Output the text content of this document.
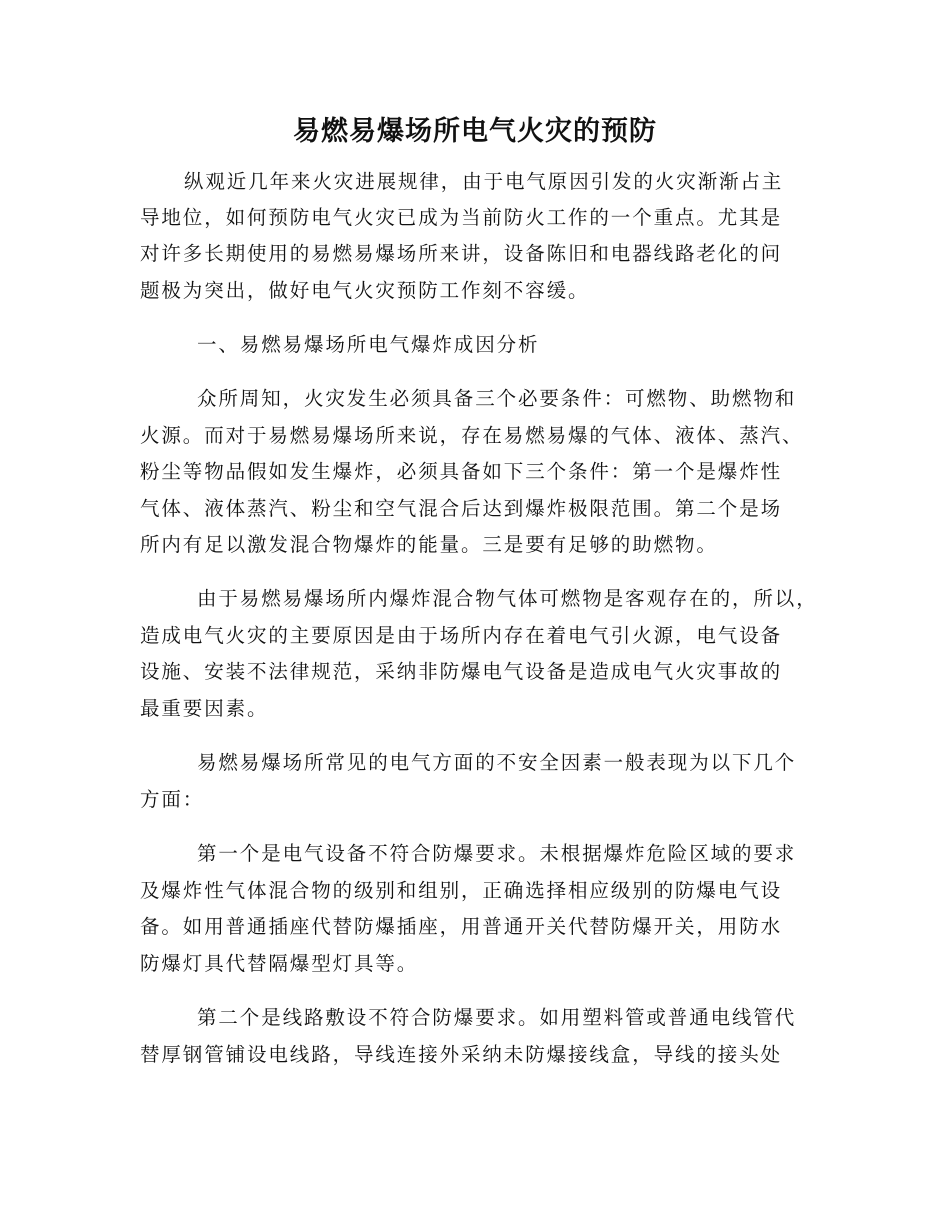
易燃易爆场所电气火灾的预防
纵观近几年来火灾进展规律，由于电气原因引发的火灾渐渐占主
导地位，如何预防电气火灾已成为当前防火工作的一个重点。尤其是
对许多长期使用的易燃易爆场所来讲，设备陈旧和电器线路老化的问
题极为突出，做好电气火灾预防工作刻不容缓。
一、易燃易爆场所电气爆炸成因分析
众所周知，火灾发生必须具备三个必要条件：可燃物、助燃物和
火源。而对于易燃易爆场所来说，存在易燃易爆的气体、液体、蒸汽、
粉尘等物品假如发生爆炸，必须具备如下三个条件：第一个是爆炸性
气体、液体蒸汽、粉尘和空气混合后达到爆炸极限范围。第二个是场
所内有足以激发混合物爆炸的能量。三是要有足够的助燃物。
由于易燃易爆场所内爆炸混合物气体可燃物是客观存在的，所以，
造成电气火灾的主要原因是由于场所内存在着电气引火源，电气设备
设施、安装不法律规范，采纳非防爆电气设备是造成电气火灾事故的
最重要因素。
易燃易爆场所常见的电气方面的不安全因素一般表现为以下几个
方面：
第一个是电气设备不符合防爆要求。未根据爆炸危险区域的要求
及爆炸性气体混合物的级别和组别，正确选择相应级别的防爆电气设
备。如用普通插座代替防爆插座，用普通开关代替防爆开关，用防水
防爆灯具代替隔爆型灯具等。
第二个是线路敷设不符合防爆要求。如用塑料管或普通电线管代
替厚钢管铺设电线路，导线连接外采纳未防爆接线盒，导线的接头处
